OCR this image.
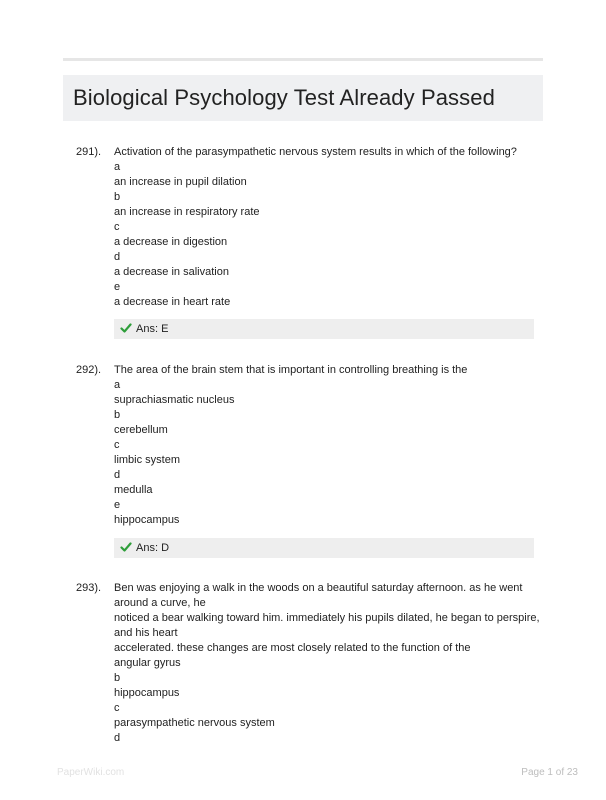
Biological Psychology Test Already Passed
291). Activation of the parasympathetic nervous system results in which of the following?
a
an increase in pupil dilation
b
an increase in respiratory rate
c
a decrease in digestion
d
a decrease in salivation
e
a decrease in heart rate
Ans: E
292). The area of the brain stem that is important in controlling breathing is the
a
suprachiasmatic nucleus
b
cerebellum
c
limbic system
d
medulla
e
hippocampus
Ans: D
293). Ben was enjoying a walk in the woods on a beautiful saturday afternoon. as he went
around a curve, he
noticed a bear walking toward him. immediately his pupils dilated, he began to perspire,
and his heart
accelerated. these changes are most closely related to the function of the
angular gyrus
b
hippocampus
c
parasympathetic nervous system
d
PaperWiki.com	Page 1 of 23
